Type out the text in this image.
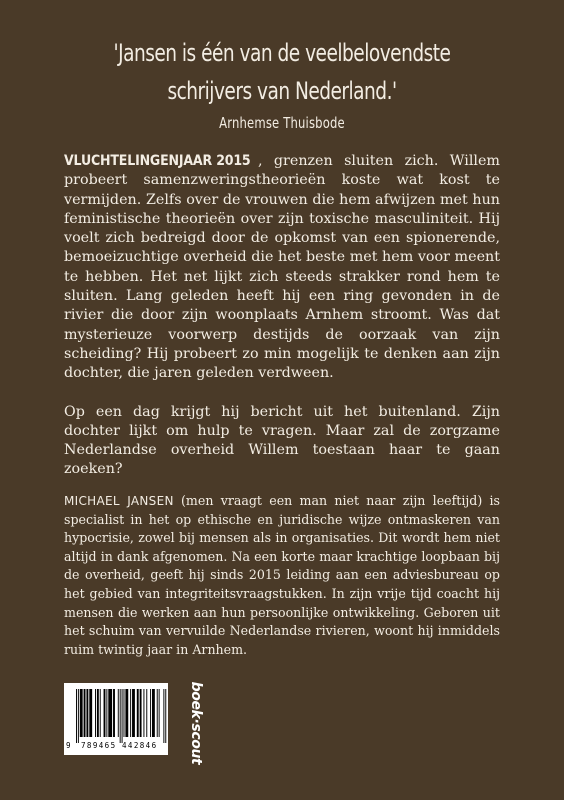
'Jansen is één van de veelbelovendste
schrijvers van Nederland.'
Arnhemse Thuisbode

VLUCHTELINGENJAAR 2015 , grenzen sluiten zich. Willem probeert samenzweringstheorieën koste wat kost te vermijden. Zelfs over de vrouwen die hem afwijzen met hun feministische theorieën over zijn toxische masculiniteit. Hij voelt zich bedreigd door de opkomst van een spionerende, bemoeizuchtige overheid die het beste met hem voor meent te hebben. Het net lijkt zich steeds strakker rond hem te sluiten. Lang geleden heeft hij een ring gevonden in de rivier die door zijn woonplaats Arnhem stroomt. Was dat mysterieuze voorwerp destijds de oorzaak van zijn scheiding? Hij probeert zo min mogelijk te denken aan zijn dochter, die jaren geleden verdween.

Op een dag krijgt hij bericht uit het buitenland. Zijn dochter lijkt om hulp te vragen. Maar zal de zorgzame Nederlandse overheid Willem toestaan haar te gaan zoeken?

MICHAEL JANSEN (men vraagt een man niet naar zijn leeftijd) is specialist in het op ethische en juridische wijze ontmaskeren van hypocrisie, zowel bij mensen als in organisaties. Dit wordt hem niet altijd in dank afgenomen. Na een korte maar krachtige loopbaan bij de overheid, geeft hij sinds 2015 leiding aan een adviesbureau op het gebied van integriteitsvraagstukken. In zijn vrije tijd coacht hij mensen die werken aan hun persoonlijke ontwikkeling. Geboren uit het schuim van vervuilde Nederlandse rivieren, woont hij inmiddels ruim twintig jaar in Arnhem.
9 789465 442846 boek·scout
